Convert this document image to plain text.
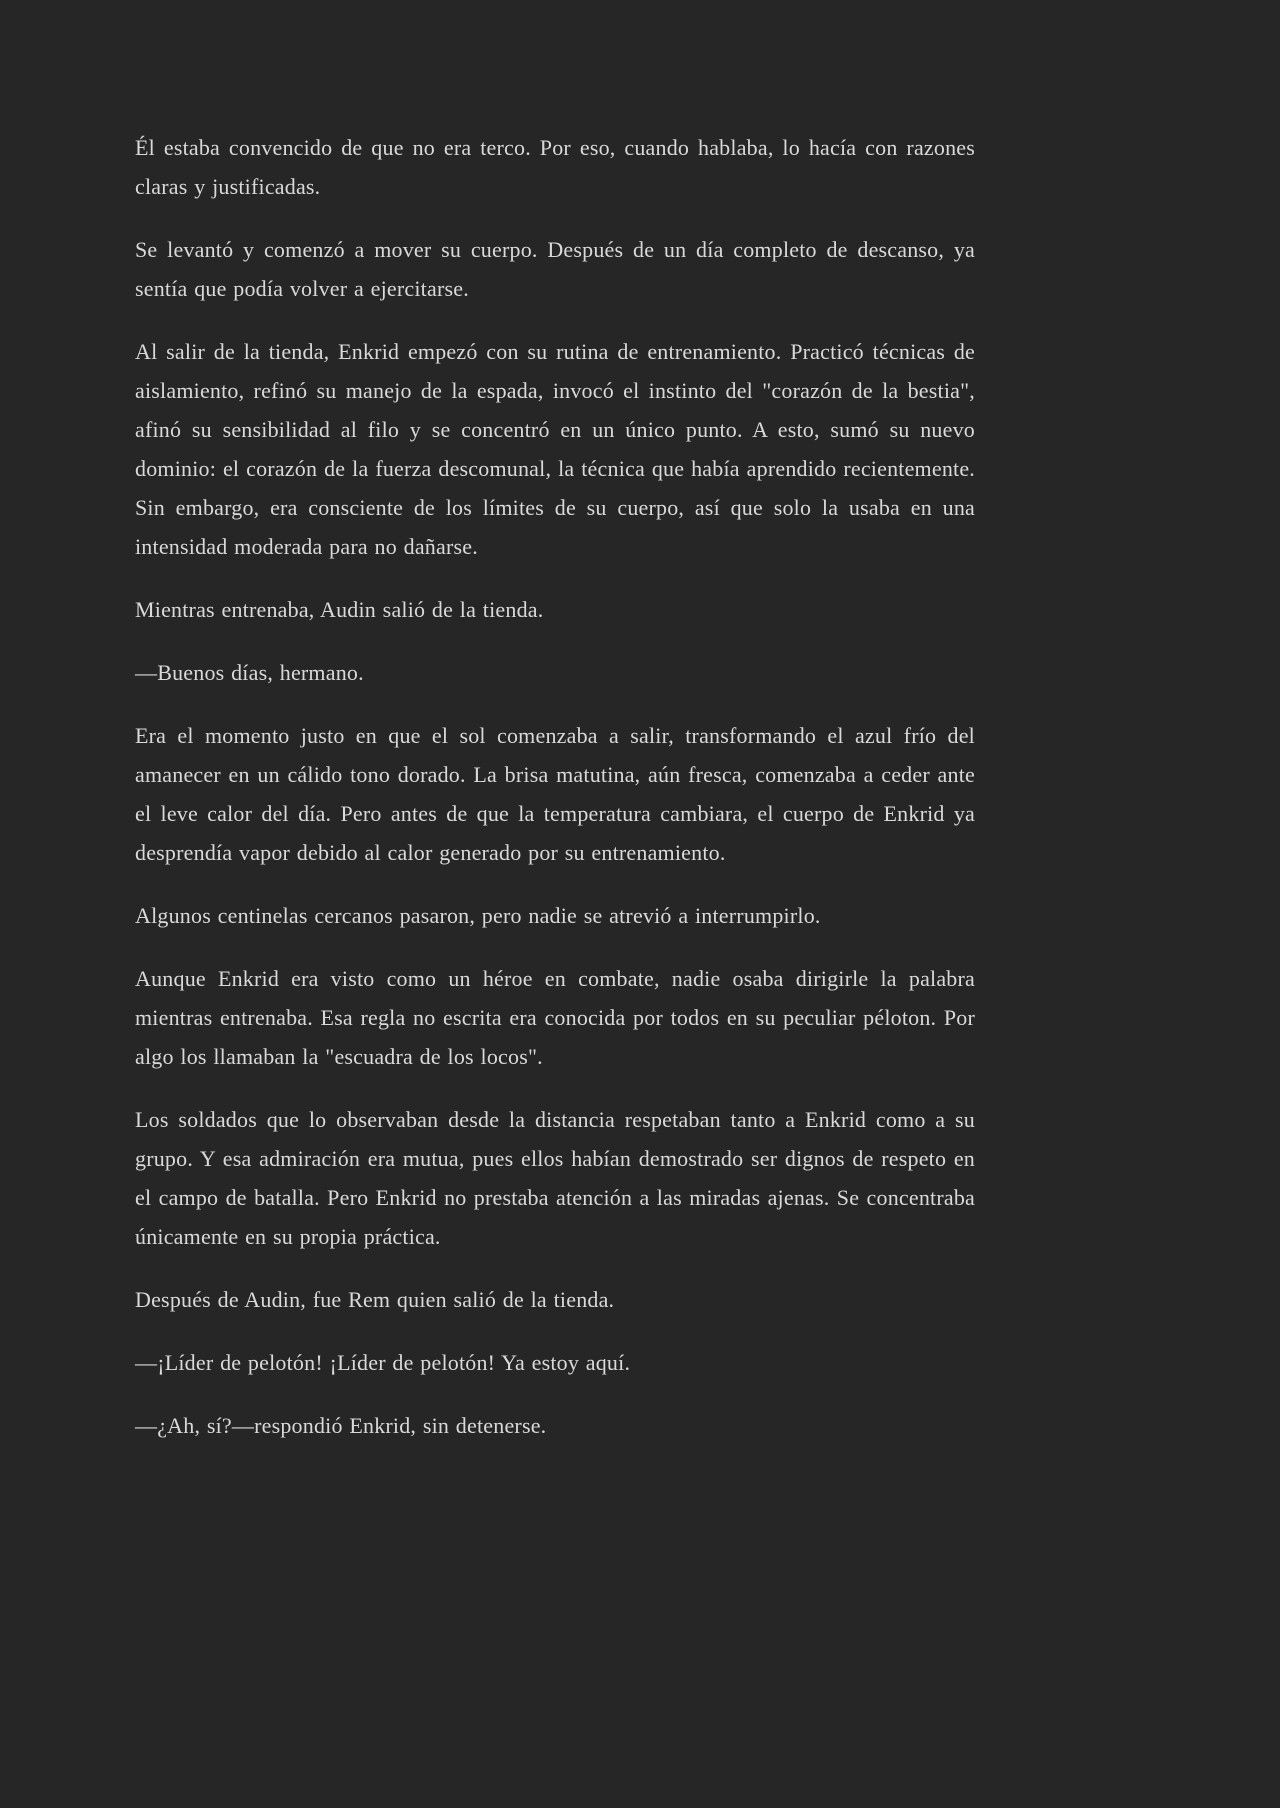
Él estaba convencido de que no era terco. Por eso, cuando hablaba, lo hacía con razones claras y justificadas.

Se levantó y comenzó a mover su cuerpo. Después de un día completo de descanso, ya sentía que podía volver a ejercitarse.

Al salir de la tienda, Enkrid empezó con su rutina de entrenamiento. Practicó técnicas de aislamiento, refinó su manejo de la espada, invocó el instinto del "corazón de la bestia", afinó su sensibilidad al filo y se concentró en un único punto. A esto, sumó su nuevo dominio: el corazón de la fuerza descomunal, la técnica que había aprendido recientemente. Sin embargo, era consciente de los límites de su cuerpo, así que solo la usaba en una intensidad moderada para no dañarse.

Mientras entrenaba, Audin salió de la tienda.

—Buenos días, hermano.

Era el momento justo en que el sol comenzaba a salir, transformando el azul frío del amanecer en un cálido tono dorado. La brisa matutina, aún fresca, comenzaba a ceder ante el leve calor del día. Pero antes de que la temperatura cambiara, el cuerpo de Enkrid ya desprendía vapor debido al calor generado por su entrenamiento.

Algunos centinelas cercanos pasaron, pero nadie se atrevió a interrumpirlo.

Aunque Enkrid era visto como un héroe en combate, nadie osaba dirigirle la palabra mientras entrenaba. Esa regla no escrita era conocida por todos en su peculiar péloton. Por algo los llamaban la "escuadra de los locos".

Los soldados que lo observaban desde la distancia respetaban tanto a Enkrid como a su grupo. Y esa admiración era mutua, pues ellos habían demostrado ser dignos de respeto en el campo de batalla. Pero Enkrid no prestaba atención a las miradas ajenas. Se concentraba únicamente en su propia práctica.

Después de Audin, fue Rem quien salió de la tienda.

—¡Líder de pelotón! ¡Líder de pelotón! Ya estoy aquí.

—¿Ah, sí?—respondió Enkrid, sin detenerse.
